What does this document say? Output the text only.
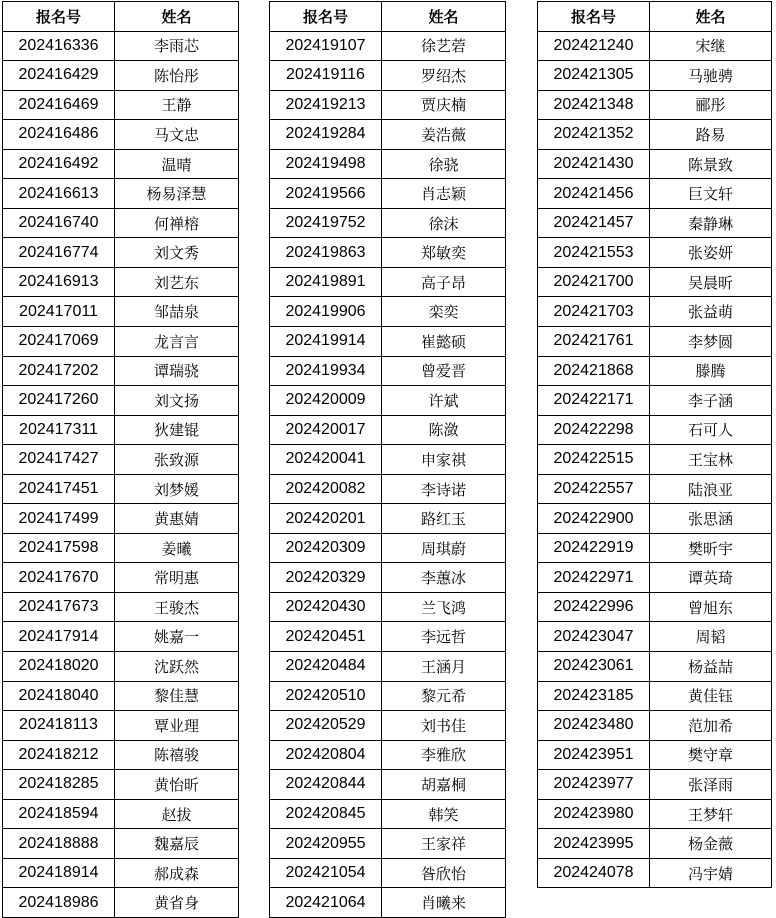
报名号	姓名
202416336	李雨芯
202416429	陈怡彤
202416469	王静
202416486	马文忠
202416492	温晴
202416613	杨易泽慧
202416740	何禅榕
202416774	刘文秀
202416913	刘艺东
202417011	邹喆泉
202417069	龙言言
202417202	谭瑞骁
202417260	刘文扬
202417311	狄建锟
202417427	张致源
202417451	刘梦媛
202417499	黄惠婧
202417598	姜曦
202417670	常明惠
202417673	王骏杰
202417914	姚嘉一
202418020	沈跃然
202418040	黎佳慧
202418113	覃业理
202418212	陈禧骏
202418285	黄怡昕
202418594	赵拔
202418888	魏嘉辰
202418914	郝成森
202418986	黄省身
报名号	姓名
202419107	徐艺菪
202419116	罗绍杰
202419213	贾庆楠
202419284	姜浩薇
202419498	徐骁
202419566	肖志颖
202419752	徐沫
202419863	郑敏奕
202419891	高子昂
202419906	栾奕
202419914	崔懿硕
202419934	曾爱晋
202420009	许斌
202420017	陈潋
202420041	申家祺
202420082	李诗诺
202420201	路红玉
202420309	周琪蔚
202420329	李蕙冰
202420430	兰飞鸿
202420451	李远哲
202420484	王涵月
202420510	黎元希
202420529	刘书佳
202420804	李雅欣
202420844	胡嘉桐
202420845	韩笑
202420955	王家祥
202421054	昝欣怡
202421064	肖曦来
报名号	姓名
202421240	宋继
202421305	马驰骋
202421348	郦彤
202421352	路易
202421430	陈景致
202421456	巨文轩
202421457	秦静琳
202421553	张姿妍
202421700	吴晨昕
202421703	张益萌
202421761	李梦圆
202421868	滕腾
202422171	李子涵
202422298	石可人
202422515	王宝林
202422557	陆浪亚
202422900	张思涵
202422919	樊昕宇
202422971	谭英琦
202422996	曾旭东
202423047	周韬
202423061	杨益喆
202423185	黄佳钰
202423480	范加希
202423951	樊守章
202423977	张泽雨
202423980	王梦轩
202423995	杨金薇
202424078	冯宇婧
